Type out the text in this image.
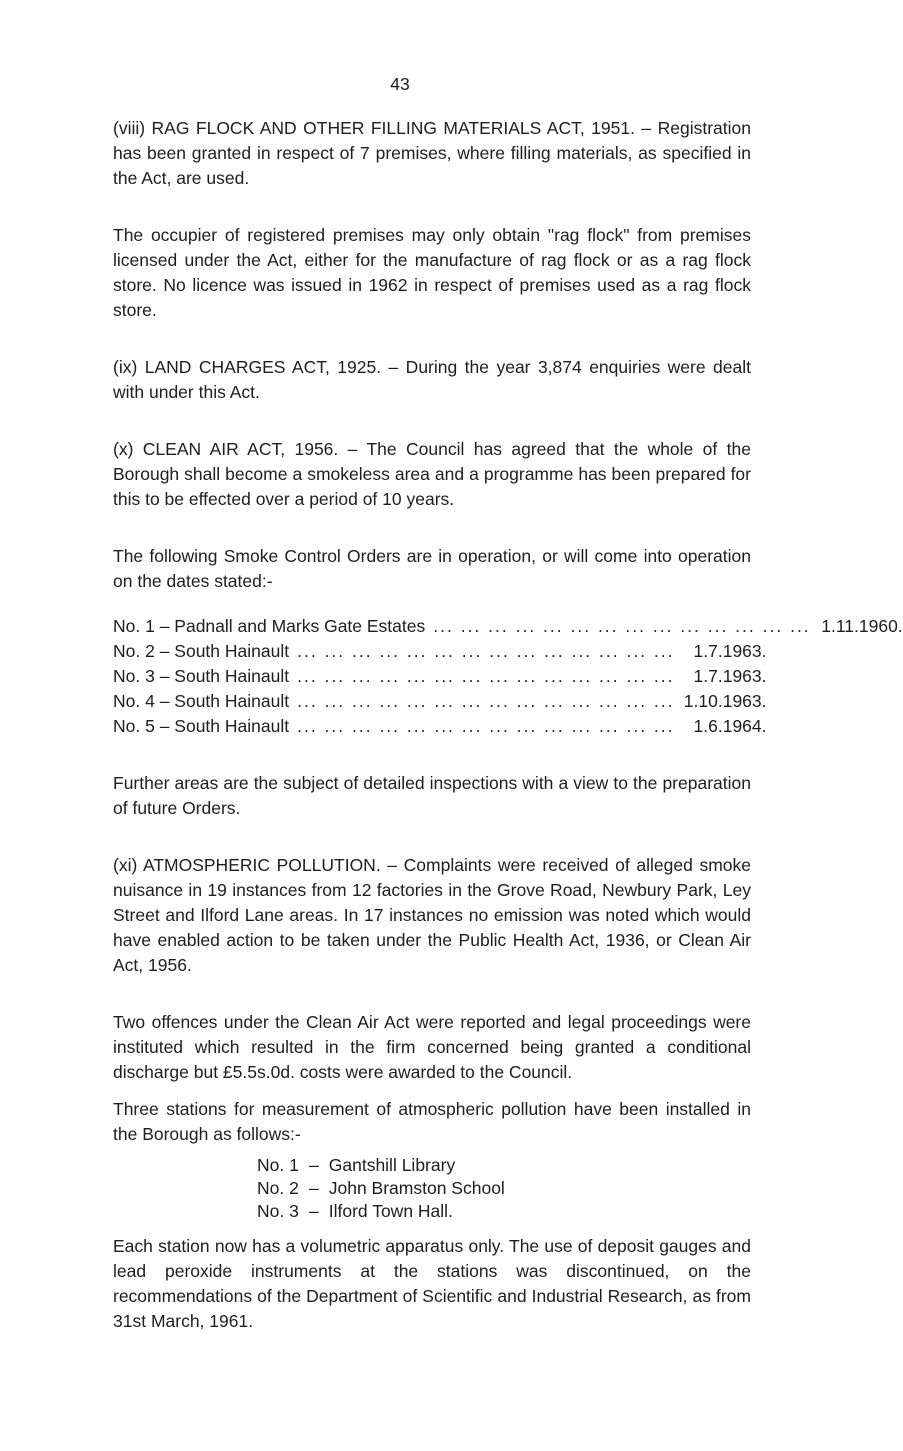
43

(viii) RAG FLOCK AND OTHER FILLING MATERIALS ACT, 1951. – Registration has been granted in respect of 7 premises, where filling materials, as specified in the Act, are used.

The occupier of registered premises may only obtain "rag flock" from premises licensed under the Act, either for the manufacture of rag flock or as a rag flock store. No licence was issued in 1962 in respect of premises used as a rag flock store.

(ix) LAND CHARGES ACT, 1925. – During the year 3,874 enquiries were dealt with under this Act.

(x) CLEAN AIR ACT, 1956. – The Council has agreed that the whole of the Borough shall become a smokeless area and a programme has been prepared for this to be effected over a period of 10 years.

The following Smoke Control Orders are in operation, or will come into operation on the dates stated:-

No. 1 – Padnall and Marks Gate Estates ... ... ... ... ... ... ... ... ... ... ... ... ... ... 1.11.1960.
No. 2 – South Hainault ... ... ... ... ... ... ... ... ... ... ... ... ... ...	1.7.1963.
No. 3 – South Hainault ... ... ... ... ... ... ... ... ... ... ... ... ... ...	1.7.1963.
No. 4 – South Hainault ... ... ... ... ... ... ... ... ... ... ... ... ... ... 1.10.1963.
No. 5 – South Hainault ... ... ... ... ... ... ... ... ... ... ... ... ... ...	1.6.1964.

Further areas are the subject of detailed inspections with a view to the preparation of future Orders.

(xi) ATMOSPHERIC POLLUTION. – Complaints were received of alleged smoke nuisance in 19 instances from 12 factories in the Grove Road, Newbury Park, Ley Street and Ilford Lane areas. In 17 instances no emission was noted which would have enabled action to be taken under the Public Health Act, 1936, or Clean Air Act, 1956.

Two offences under the Clean Air Act were reported and legal proceedings were instituted which resulted in the firm concerned being granted a conditional discharge but £5.5s.0d. costs were awarded to the Council.

Three stations for measurement of atmospheric pollution have been installed in the Borough as follows:-

No. 1 – Gantshill Library
No. 2 – John Bramston School
No. 3 – Ilford Town Hall.

Each station now has a volumetric apparatus only. The use of deposit gauges and lead peroxide instruments at the stations was discontinued, on the recommendations of the Department of Scientific and Industrial Research, as from 31st March, 1961.
